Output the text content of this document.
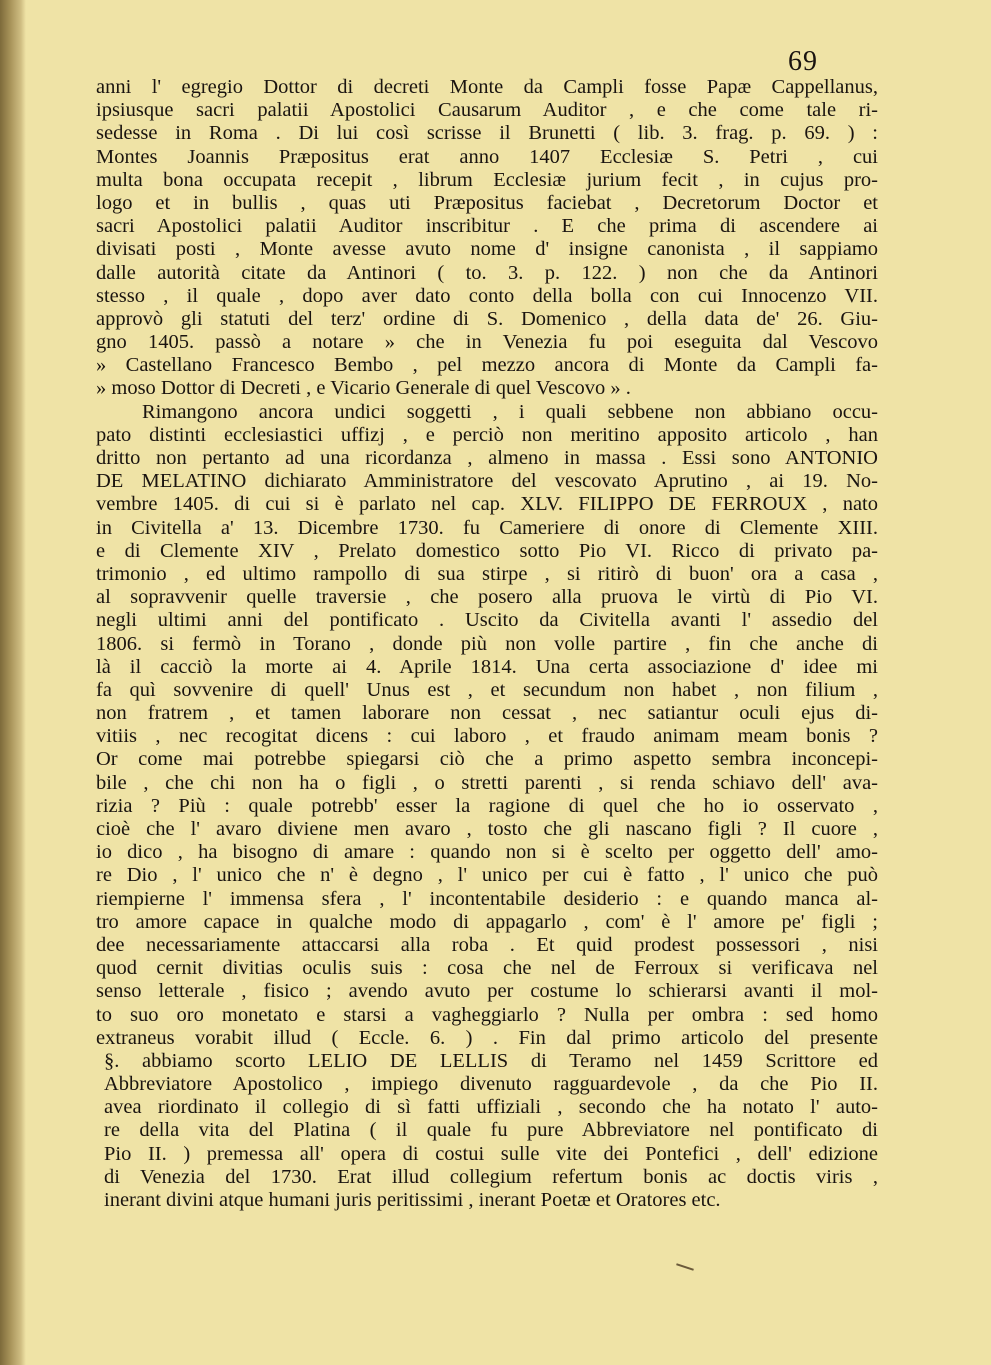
69
anni l' egregio Dottor di decreti Monte da Campli fosse Papæ Cappellanus,
ipsiusque sacri palatii Apostolici Causarum Auditor , e che come tale ri-
sedesse in Roma . Di lui così scrisse il Brunetti ( lib. 3. frag. p. 69. ) :
Montes Joannis Præpositus erat anno 1407 Ecclesiæ S. Petri , cui
multa bona occupata recepit , librum Ecclesiæ jurium fecit , in cujus pro-
logo et in bullis , quas uti Præpositus faciebat , Decretorum Doctor et
sacri Apostolici palatii Auditor inscribitur . E che prima di ascendere ai
divisati posti , Monte avesse avuto nome d' insigne canonista , il sappiamo
dalle autorità citate da Antinori ( to. 3. p. 122. ) non che da Antinori
stesso , il quale , dopo aver dato conto della bolla con cui Innocenzo VII.
approvò gli statuti del terz' ordine di S. Domenico , della data de' 26. Giu-
gno 1405. passò a notare » che in Venezia fu poi eseguita dal Vescovo
» Castellano Francesco Bembo , pel mezzo ancora di Monte da Campli fa-
» moso Dottor di Decreti , e Vicario Generale di quel Vescovo » .
Rimangono ancora undici soggetti , i quali sebbene non abbiano occu-
pato distinti ecclesiastici uffizj , e perciò non meritino apposito articolo , han
dritto non pertanto ad una ricordanza , almeno in massa . Essi sono ANTONIO
DE MELATINO dichiarato Amministratore del vescovato Aprutino , ai 19. No-
vembre 1405. di cui si è parlato nel cap. XLV. FILIPPO DE FERROUX , nato
in Civitella a' 13. Dicembre 1730. fu Cameriere di onore di Clemente XIII.
e di Clemente XIV , Prelato domestico sotto Pio VI. Ricco di privato pa-
trimonio , ed ultimo rampollo di sua stirpe , si ritirò di buon' ora a casa ,
al sopravvenir quelle traversie , che posero alla pruova le virtù di Pio VI.
negli ultimi anni del pontificato . Uscito da Civitella avanti l' assedio del
1806. si fermò in Torano , donde più non volle partire , fin che anche di
là il cacciò la morte ai 4. Aprile 1814. Una certa associazione d' idee mi
fa quì sovvenire di quell' Unus est , et secundum non habet , non filium ,
non fratrem , et tamen laborare non cessat , nec satiantur oculi ejus di-
vitiis , nec recogitat dicens : cui laboro , et fraudo animam meam bonis ?
Or come mai potrebbe spiegarsi ciò che a primo aspetto sembra inconcepi-
bile , che chi non ha o figli , o stretti parenti , si renda schiavo dell' ava-
rizia ? Più : quale potrebb' esser la ragione di quel che ho io osservato ,
cioè che l' avaro diviene men avaro , tosto che gli nascano figli ? Il cuore ,
io dico , ha bisogno di amare : quando non si è scelto per oggetto dell' amo-
re Dio , l' unico che n' è degno , l' unico per cui è fatto , l' unico che può
riempierne l' immensa sfera , l' incontentabile desiderio : e quando manca al-
tro amore capace in qualche modo di appagarlo , com' è l' amore pe' figli ;
dee necessariamente attaccarsi alla roba . Et quid prodest possessori , nisi
quod cernit divitias oculis suis : cosa che nel de Ferroux si verificava nel
senso letterale , fisico ; avendo avuto per costume lo schierarsi avanti il mol-
to suo oro monetato e starsi a vagheggiarlo ? Nulla per ombra : sed homo
extraneus vorabit illud ( Eccle. 6. ) . Fin dal primo articolo del presente
§. abbiamo scorto LELIO DE LELLIS di Teramo nel 1459 Scrittore ed
Abbreviatore Apostolico , impiego divenuto ragguardevole , da che Pio II.
avea riordinato il collegio di sì fatti uffiziali , secondo che ha notato l' auto-
re della vita del Platina ( il quale fu pure Abbreviatore nel pontificato di
Pio II. ) premessa all' opera di costui sulle vite dei Pontefici , dell' edizione
di Venezia del 1730. Erat illud collegium refertum bonis ac doctis viris ,
inerant divini atque humani juris peritissimi , inerant Poetæ et Oratores etc.
